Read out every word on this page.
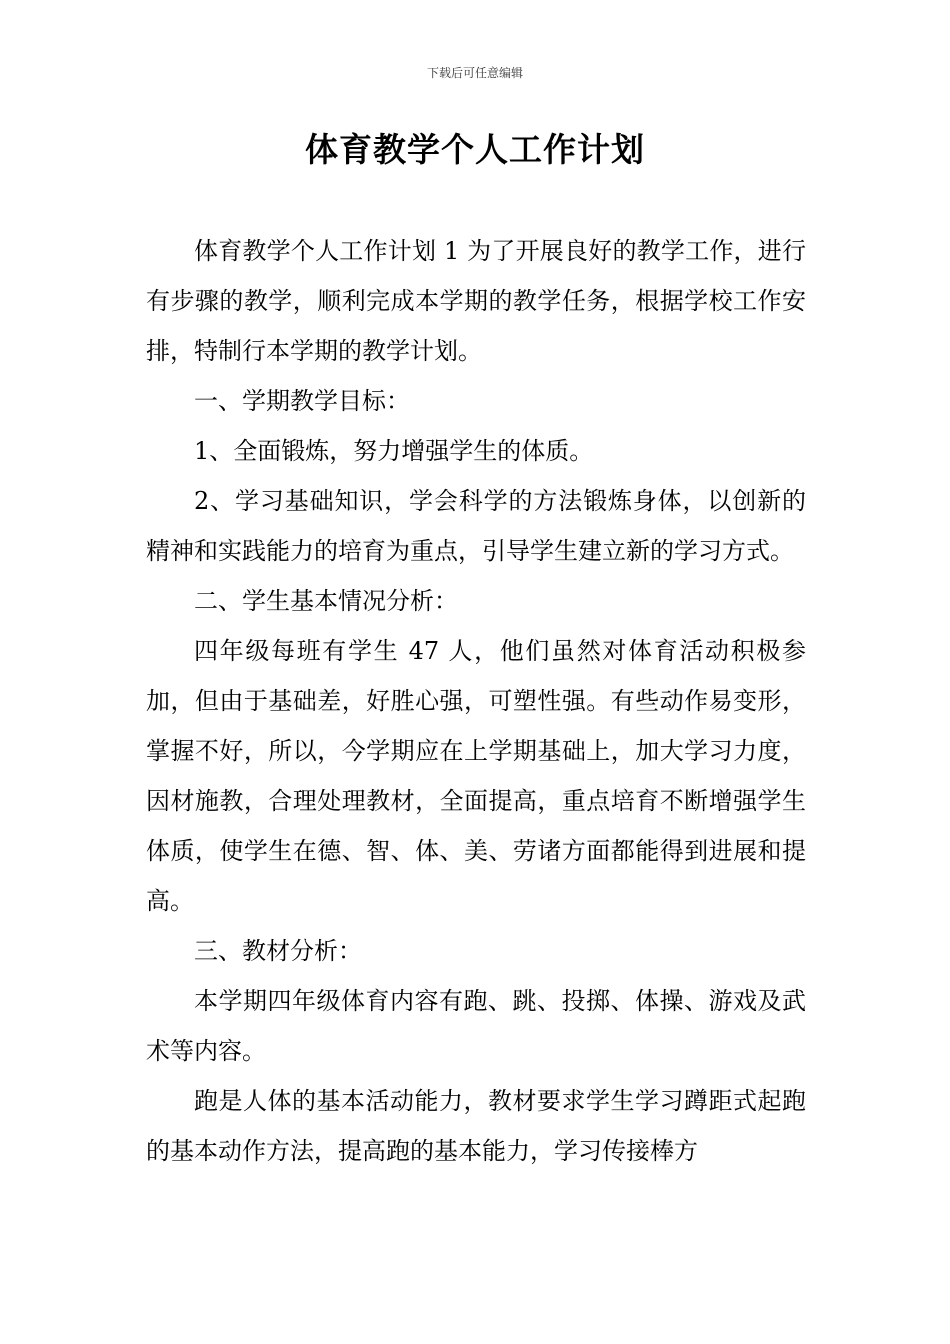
下载后可任意编辑
体育教学个人工作计划

体育教学个人工作计划 1 为了开展良好的教学工作，进行有步骤的教学，顺利完成本学期的教学任务，根据学校工作安排，特制行本学期的教学计划。

一、学期教学目标：

1、全面锻炼，努力增强学生的体质。

2、学习基础知识，学会科学的方法锻炼身体，以创新的精神和实践能力的培育为重点，引导学生建立新的学习方式。

二、学生基本情况分析：

四年级每班有学生 47 人，他们虽然对体育活动积极参加，但由于基础差，好胜心强，可塑性强。有些动作易变形，掌握不好，所以，今学期应在上学期基础上，加大学习力度，因材施教，合理处理教材，全面提高，重点培育不断增强学生体质，使学生在德、智、体、美、劳诸方面都能得到进展和提高。

三、教材分析：

本学期四年级体育内容有跑、跳、投掷、体操、游戏及武术等内容。

跑是人体的基本活动能力，教材要求学生学习蹲距式起跑的基本动作方法，提高跑的基本能力，学习传接棒方
